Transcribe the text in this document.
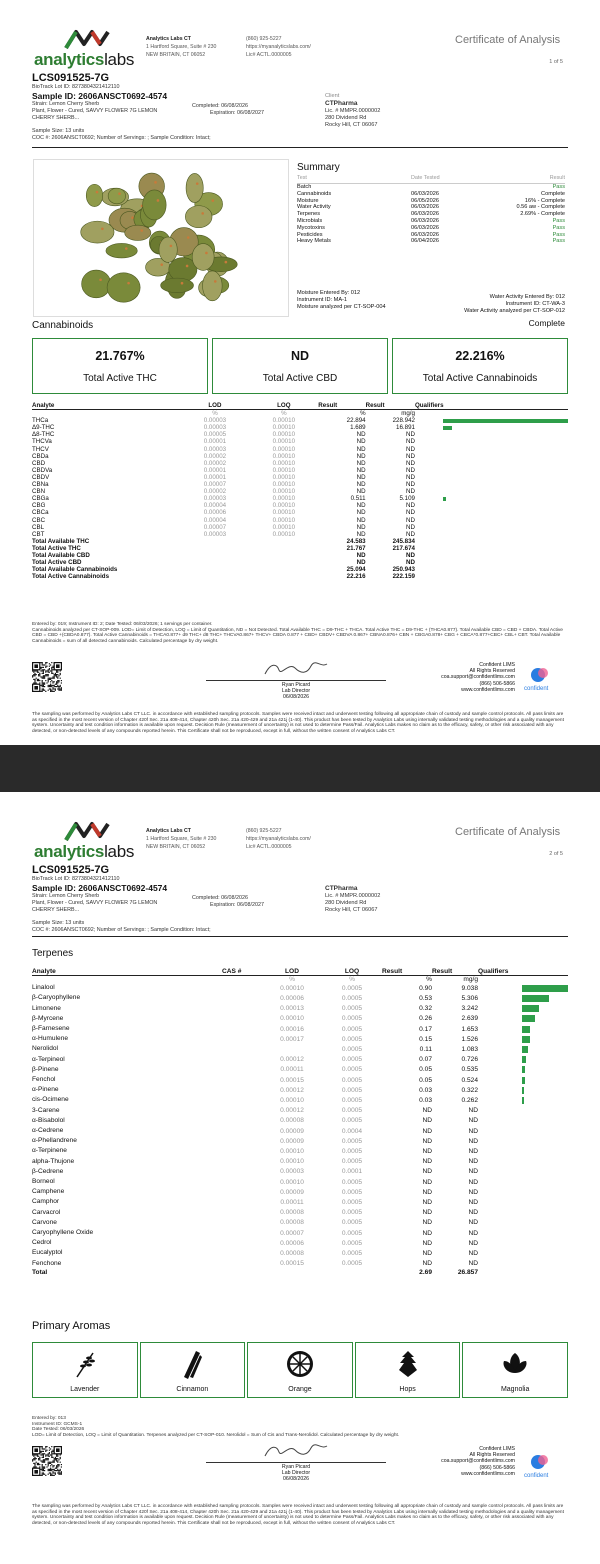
analyticslabs
Analytics Labs CT
1 Hartford Square, Suite # 230
NEW BRITAIN, CT 06052
(860) 925-5227
https://myanalyticslabs.com/
Lic# ACTL.0000005
Certificate of Analysis
1 of 5
LCS091525-7G
BioTrack Lot ID: 8273804321412110
Sample ID: 2606ANSCT0692-4574
Strain: Lemon Cherry Sherb
Plant, Flower - Cured, SAVVY FLOWER 7G LEMON
CHERRY SHERB...
Sample Size: 13 units
COC #: 2606ANSCT0692; Number of Servings: ; Sample Condition: Intact;
Completed: 06/08/2026
Expiration: 06/08/2027
Client
CTPharma
Lic. # MMPR.0000002
280 Dividend Rd
Rocky Hill, CT 06067
Summary
Test	Date Tested	Result
Batch	Pass
Cannabinoids	06/03/2026	Complete
Moisture	06/05/2026	16% - Complete
Water Activity	06/03/2026	0.56 aw - Complete
Terpenes	06/03/2026	2.69% - Complete
Microbials	06/03/2026	Pass
Mycotoxins	06/03/2026	Pass
Pesticides	06/03/2026	Pass
Heavy Metals	06/04/2026	Pass
Moisture Entered By: 012
Instrument ID: MA-1
Moisture analyzed per CT-SOP-004
Water Activity Entered By: 012
Instrument ID: CT-WA-3
Water Activity analyzed per CT-SOP-012
Cannabinoids	Complete
21.767%
Total Active THC
ND
Total Active CBD
22.216%
Total Active Cannabinoids
Analyte	LOD	LOQ	Result	Result	Qualifiers
	%	%	%	mg/g	
THCa	0.00003	0.00010	22.894	228.942	

Δ9-THC	0.00003	0.00010	1.689	16.891	

Δ8-THC	0.00005	0.00010	ND	ND	

THCVa	0.00001	0.00010	ND	ND	

THCV	0.00003	0.00010	ND	ND	

CBDa	0.00002	0.00010	ND	ND	

CBD	0.00002	0.00010	ND	ND	

CBDVa	0.00001	0.00010	ND	ND	

CBDV	0.00001	0.00010	ND	ND	

CBNa	0.00007	0.00010	ND	ND	

CBN	0.00002	0.00010	ND	ND	

CBGa	0.00003	0.00010	0.511	5.109	

CBG	0.00004	0.00010	ND	ND	

CBCa	0.00006	0.00010	ND	ND	

CBC	0.00004	0.00010	ND	ND	

CBL	0.00007	0.00010	ND	ND	

CBT	0.00003	0.00010	ND	ND	

Total Available THC			24.583	245.834	
Total Active THC			21.767	217.674	
Total Available CBD			ND	ND	
Total Active CBD			ND	ND	
Total Available Cannabinoids			25.094	250.943	
Total Active Cannabinoids			22.216	222.159	
Entered by: 019; Instrument ID: 2; Date Tested: 06/03/2026; 1 servings per container.
Cannabinoids analyzed per CT-SOP-009. LOD= Limit of Detection, LOQ = Limit of Quantitation, ND = Not Detected. Total Available THC = D9-THC + THCA. Total Active THC = D9-THC + (THCA0.877). Total Available CBD = CBD + CBDA. Total Active CBD = CBD +(CBDA0.877). Total Active Cannabinoids = THCA0.877+ d9 THC+ d8 THC+ THCVA0.867+ THCV+ CBDA 0.877 + CBD+ CBDV+ CBDVA 0.867+ CBNA0.876+ CBN + CBGA0.878+ CBG + CBCA*0.877+CBC+ CBL+ CBT. Total Available Cannabinoids = sum of all detected cannabinoids. Calculated percentage by dry weight.
Ryan Picard
Lab Director
06/08/2026
Confident LIMS
All Rights Reserved
coa.support@confidentlims.com
(866) 506-5866
www.confidentlims.com confident
The sampling was performed by Analytics Labs CT LLC. in accordance with established sampling protocols. Samples were received intact and underwent testing following all appropriate chain of custody and sample control protocols. All pass limits are as specified in the most recent version of Chapter 420f Sec. 21a 408-414, Chapter 420h Sec. 21a 420-429 and 21a 421j (1-40). This product has been tested by Analytics Labs using internally validated testing methodologies and a quality management system. Uncertainty and test condition information is available upon request. Decision Rule (measurement of uncertainty) is not used to determine Pass/Fail. Analytics Labs makes no claim as to the efficacy, safety, or other risk associated with any detected, or non-detected levels of any compounds reported herein. This Certificate shall not be reproduced, except in full, without the written consent of Analytics Labs CT.
analyticslabs
Analytics Labs CT
1 Hartford Square, Suite # 230
NEW BRITAIN, CT 06052
(860) 925-5227
https://myanalyticslabs.com/
Lic# ACTL.0000005
Certificate of Analysis
2 of 5
LCS091525-7G
BioTrack Lot ID: 8273804321412110
Sample ID: 2606ANSCT0692-4574
Strain: Lemon Cherry Sherb
Plant, Flower - Cured, SAVVY FLOWER 7G LEMON
CHERRY SHERB...
Sample Size: 13 units
COC #: 2606ANSCT0692; Number of Servings: ; Sample Condition: Intact;
Completed: 06/08/2026
Expiration: 06/08/2027
CTPharma
Lic. # MMPR.0000002
280 Dividend Rd
Rocky Hill, CT 06067
Terpenes
Analyte	CAS #	LOD	LOQ	Result	Result	Qualifiers
		%	%	%	mg/g	
Linalool		0.00010	0.0005	0.90	9.038	

β-Caryophyllene		0.00006	0.0005	0.53	5.306	

Limonene		0.00013	0.0005	0.32	3.242	

β-Myrcene		0.00010	0.0005	0.26	2.639	

β-Farnesene		0.00016	0.0005	0.17	1.653	

α-Humulene		0.00017	0.0005	0.15	1.526	

Nerolidol			0.0005	0.11	1.083	

α-Terpineol		0.00012	0.0005	0.07	0.726	

β-Pinene		0.00011	0.0005	0.05	0.535	

Fenchol		0.00015	0.0005	0.05	0.524	

α-Pinene		0.00012	0.0005	0.03	0.322	

cis-Ocimene		0.00010	0.0005	0.03	0.262	

3-Carene		0.00012	0.0005	ND	ND	

α-Bisabolol		0.00008	0.0005	ND	ND	

α-Cedrene		0.00009	0.0004	ND	ND	

α-Phellandrene		0.00009	0.0005	ND	ND	

α-Terpinene		0.00010	0.0005	ND	ND	

alpha-Thujone		0.00010	0.0005	ND	ND	

β-Cedrene		0.00003	0.0001	ND	ND	

Borneol		0.00010	0.0005	ND	ND	

Camphene		0.00009	0.0005	ND	ND	

Camphor		0.00011	0.0005	ND	ND	

Carvacrol		0.00008	0.0005	ND	ND	

Carvone		0.00008	0.0005	ND	ND	

Caryophyllene Oxide		0.00007	0.0005	ND	ND	

Cedrol		0.00006	0.0005	ND	ND	

Eucalyptol		0.00008	0.0005	ND	ND	

Fenchone		0.00015	0.0005	ND	ND	

Total				2.69	26.857	
Primary Aromas
Lavender	Cinnamon	Orange	Hops	Magnolia
Entered by: 013
Instrument ID: GCMS-1
Date Tested: 06/03/2026
LOD= Limit of Detection, LOQ = Limit of Quantitation. Terpenes analyzed per CT-SOP-010. Nerolidol = Sum of Cis and Trans-Nerolidol. Calculated percentage by dry weight.
Ryan Picard
Lab Director
06/08/2026
Confident LIMS
All Rights Reserved
coa.support@confidentlims.com
(866) 506-5866
www.confidentlims.com confident
The sampling was performed by Analytics Labs CT LLC. in accordance with established sampling protocols. Samples were received intact and underwent testing following all appropriate chain of custody and sample control protocols. All pass limits are as specified in the most recent version of Chapter 420f Sec. 21a 408-414, Chapter 420h Sec. 21a 420-429 and 21a 421j (1-40). This product has been tested by Analytics Labs using internally validated testing methodologies and a quality management system. Uncertainty and test condition information is available upon request. Decision Rule (measurement of uncertainty) is not used to determine Pass/Fail. Analytics Labs makes no claim as to the efficacy, safety, or other risk associated with any detected, or non-detected levels of any compounds reported herein. This Certificate shall not be reproduced, except in full, without the written consent of Analytics Labs CT.
